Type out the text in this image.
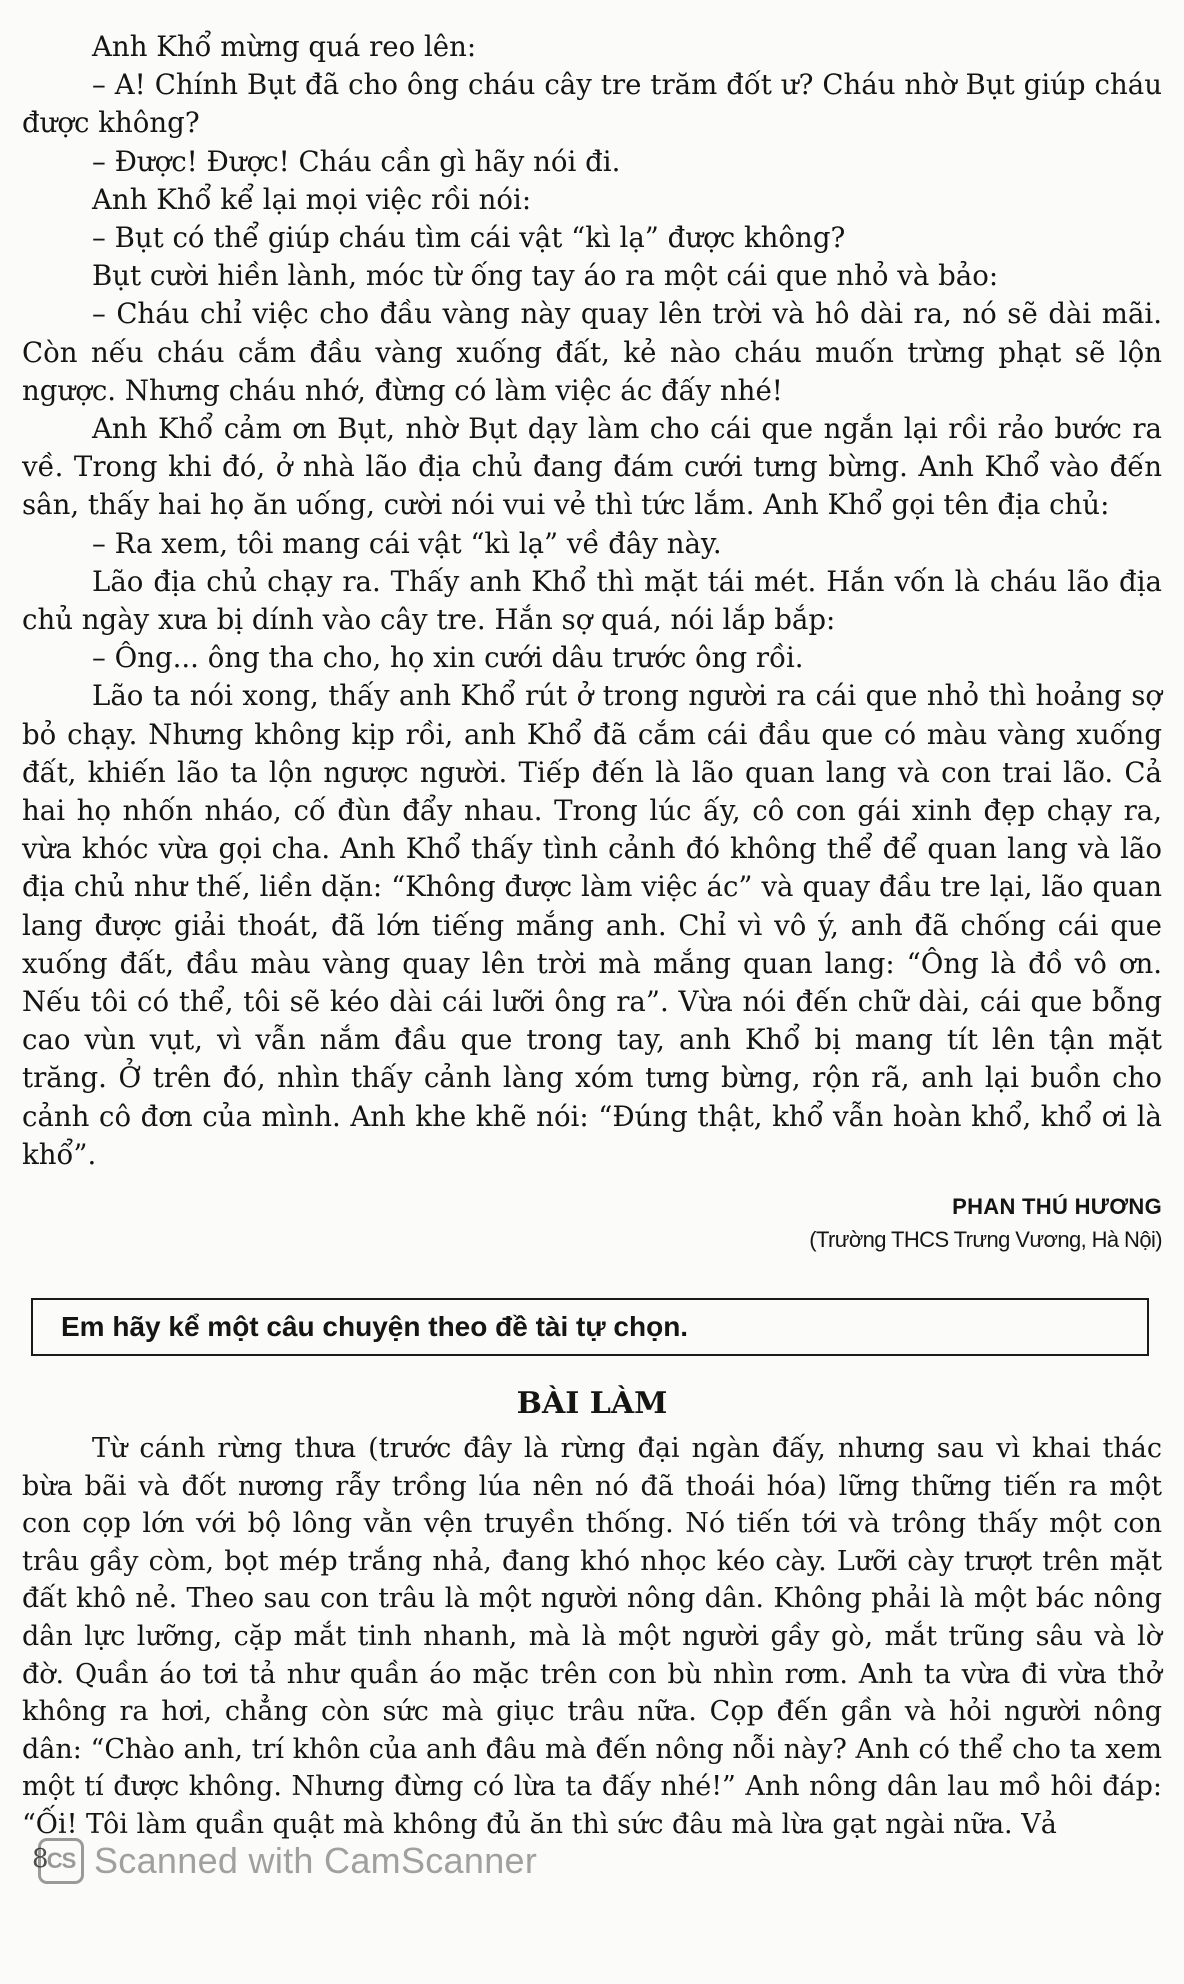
Anh Khổ mừng quá reo lên:

– A! Chính Bụt đã cho ông cháu cây tre trăm đốt ư? Cháu nhờ Bụt giúp cháu được không?

– Được! Được! Cháu cần gì hãy nói đi.

Anh Khổ kể lại mọi việc rồi nói:

– Bụt có thể giúp cháu tìm cái vật “kì lạ” được không?

Bụt cười hiền lành, móc từ ống tay áo ra một cái que nhỏ và bảo:

– Cháu chỉ việc cho đầu vàng này quay lên trời và hô dài ra, nó sẽ dài mãi. Còn nếu cháu cắm đầu vàng xuống đất, kẻ nào cháu muốn trừng phạt sẽ lộn ngược. Nhưng cháu nhớ, đừng có làm việc ác đấy nhé!

Anh Khổ cảm ơn Bụt, nhờ Bụt dạy làm cho cái que ngắn lại rồi rảo bước ra về. Trong khi đó, ở nhà lão địa chủ đang đám cưới tưng bừng. Anh Khổ vào đến sân, thấy hai họ ăn uống, cười nói vui vẻ thì tức lắm. Anh Khổ gọi tên địa chủ:

– Ra xem, tôi mang cái vật “kì lạ” về đây này.

Lão địa chủ chạy ra. Thấy anh Khổ thì mặt tái mét. Hắn vốn là cháu lão địa chủ ngày xưa bị dính vào cây tre. Hắn sợ quá, nói lắp bắp:

– Ông... ông tha cho, họ xin cưới dâu trước ông rồi.

Lão ta nói xong, thấy anh Khổ rút ở trong người ra cái que nhỏ thì hoảng sợ bỏ chạy. Nhưng không kịp rồi, anh Khổ đã cắm cái đầu que có màu vàng xuống đất, khiến lão ta lộn ngược người. Tiếp đến là lão quan lang và con trai lão. Cả hai họ nhốn nháo, cố đùn đẩy nhau. Trong lúc ấy, cô con gái xinh đẹp chạy ra, vừa khóc vừa gọi cha. Anh Khổ thấy tình cảnh đó không thể để quan lang và lão địa chủ như thế, liền dặn: “Không được làm việc ác” và quay đầu tre lại, lão quan lang được giải thoát, đã lớn tiếng mắng anh. Chỉ vì vô ý, anh đã chống cái que xuống đất, đầu màu vàng quay lên trời mà mắng quan lang: “Ông là đồ vô ơn. Nếu tôi có thể, tôi sẽ kéo dài cái lưỡi ông ra”. Vừa nói đến chữ dài, cái que bỗng cao vùn vụt, vì vẫn nắm đầu que trong tay, anh Khổ bị mang tít lên tận mặt trăng. Ở trên đó, nhìn thấy cảnh làng xóm tưng bừng, rộn rã, anh lại buồn cho cảnh cô đơn của mình. Anh khe khẽ nói: “Đúng thật, khổ vẫn hoàn khổ, khổ ơi là khổ”.

PHAN THÚ HƯƠNG
(Trường THCS Trưng Vương, Hà Nội)
Em hãy kể một câu chuyện theo đề tài tự chọn.
BÀI LÀM

Từ cánh rừng thưa (trước đây là rừng đại ngàn đấy, nhưng sau vì khai thác bừa bãi và đốt nương rẫy trồng lúa nên nó đã thoái hóa) lững thững tiến ra một con cọp lớn với bộ lông vằn vện truyền thống. Nó tiến tới và trông thấy một con trâu gầy còm, bọt mép trắng nhả, đang khó nhọc kéo cày. Lưỡi cày trượt trên mặt đất khô nẻ. Theo sau con trâu là một người nông dân. Không phải là một bác nông dân lực lưỡng, cặp mắt tinh nhanh, mà là một người gầy gò, mắt trũng sâu và lờ đờ. Quần áo tơi tả như quần áo mặc trên con bù nhìn rơm. Anh ta vừa đi vừa thở không ra hơi, chẳng còn sức mà giục trâu nữa. Cọp đến gần và hỏi người nông dân: “Chào anh, trí khôn của anh đâu mà đến nông nỗi này? Anh có thể cho ta xem một tí được không. Nhưng đừng có lừa ta đấy nhé!” Anh nông dân lau mồ hôi đáp: “Ối! Tôi làm quần quật mà không đủ ăn thì sức đâu mà lừa gạt ngài nữa. Vả

8
CS Scanned with CamScanner
